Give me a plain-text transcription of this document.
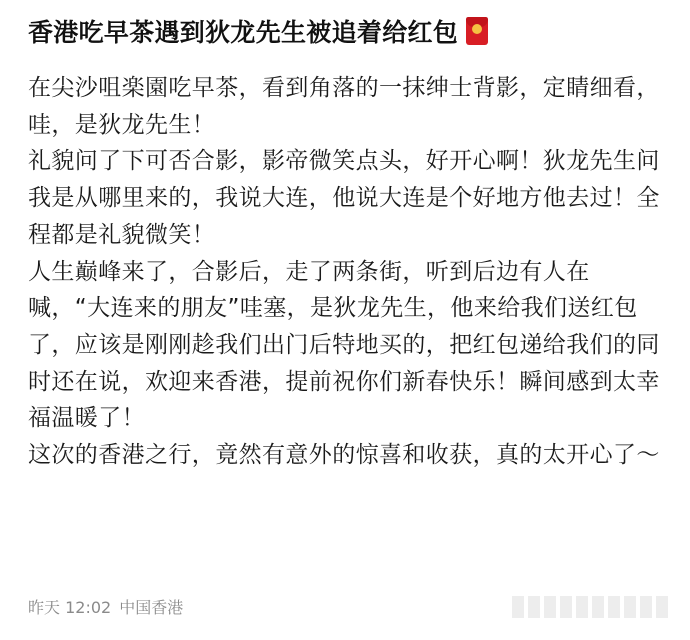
香港吃早茶遇到狄龙先生被追着给红包

在尖沙咀楽園吃早茶，看到角落的一抹绅士背影，定睛细看，哇，是狄龙先生！

礼貌问了下可否合影，影帝微笑点头，好开心啊！狄龙先生问我是从哪里来的，我说大连，他说大连是个好地方他去过！全程都是礼貌微笑！

人生巅峰来了，合影后，走了两条街，听到后边有人在喊，“大连来的朋友”哇塞，是狄龙先生，他来给我们送红包了，应该是刚刚趁我们出门后特地买的，把红包递给我们的同时还在说，欢迎来香港，提前祝你们新春快乐！瞬间感到太幸福温暖了！

这次的香港之行，竟然有意外的惊喜和收获，真的太开心了～

昨天 12:02 中国香港
